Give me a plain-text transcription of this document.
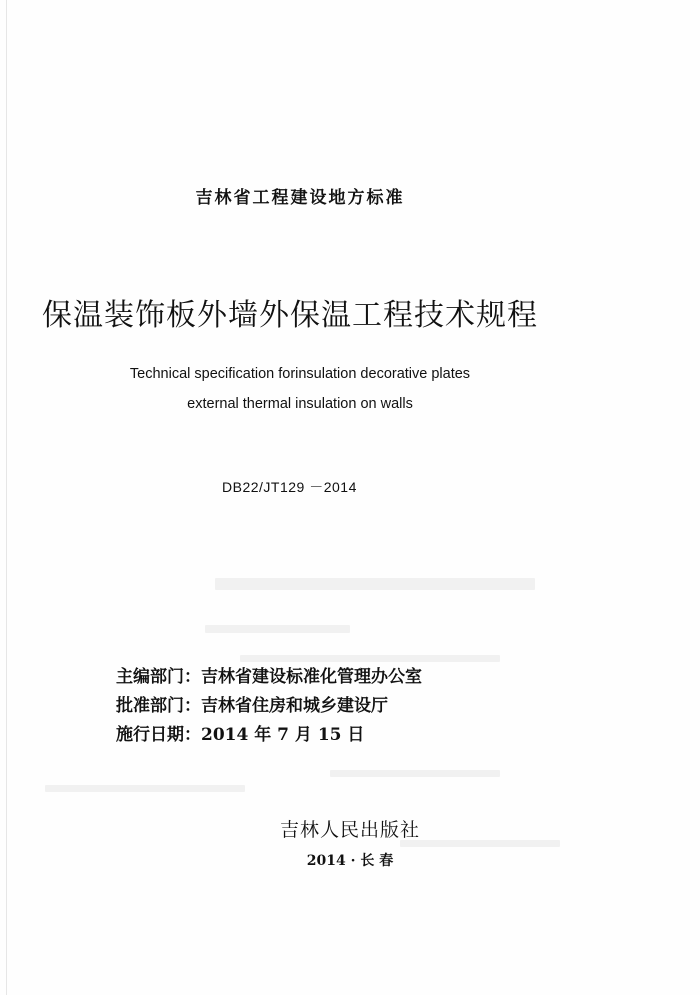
吉林省工程建设地方标准
保温装饰板外墙外保温工程技术规程
Technical specification forinsulation decorative plates
external thermal insulation on walls
DB22/JT129 －2014
主编部门：吉林省建设标准化管理办公室
批准部门：吉林省住房和城乡建设厅
施行日期：2014 年 7 月 15 日
吉林人民出版社
2014 · 长 春
